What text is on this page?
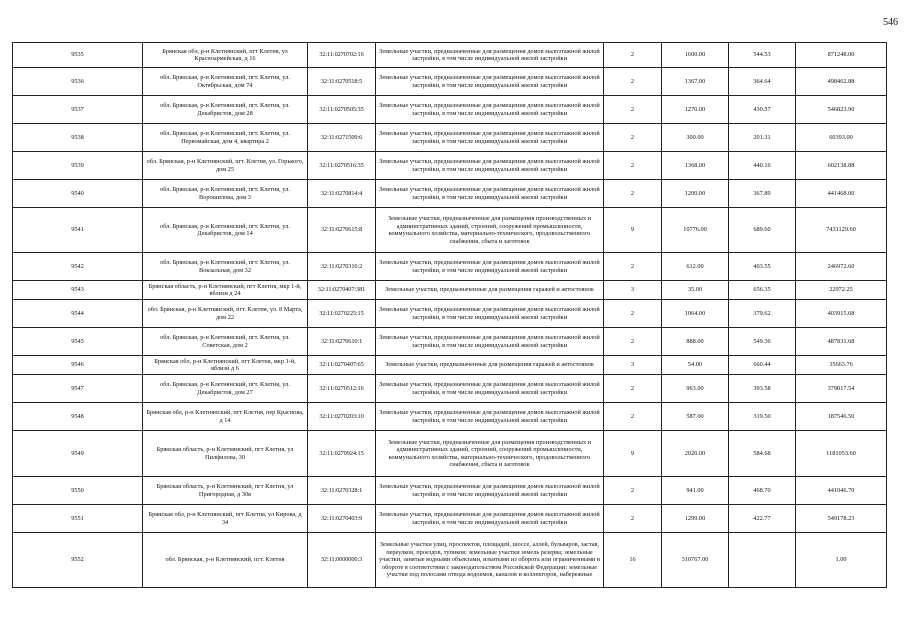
546
9535	Брянская обл, р-н Клетнянский, пгт Клетня, ул Красноармейская, д 16	32:11:0270702:16	Земельные участки, предназначенные для размещения домов малоэтажной жилой застройки, в том числе индивидуальной жилой застройки	2	1600.00	544.53	871248.00
9536	обл. Брянская, р-н Клетнянский, пгт. Клетня, ул. Октябрьская, дом 74	32:11:0270518:5	Земельные участки, предназначенные для размещения домов малоэтажной жилой застройки, в том числе индивидуальной жилой застройки	2	1367.00	364.64	498462.88
9537	обл. Брянская, р-н Клетнянский, пгт. Клетня, ул. Декабристов, дом 28	32:11:0270505:35	Земельные участки, предназначенные для размещения домов малоэтажной жилой застройки, в том числе индивидуальной жилой застройки	2	1270.00	430.57	546823.90
9538	обл. Брянская, р-н Клетнянский, пгт. Клетня, ул. Первомайская, дом 4, квартира 2	32:11:0271509:6	Земельные участки, предназначенные для размещения домов малоэтажной жилой застройки, в том числе индивидуальной жилой застройки	2	300.00	201.31	60393.00
9539	обл. Брянская, р-н Клетнянский, пгт. Клетня, ул. Горького, дом 25	32:11:0270516:35	Земельные участки, предназначенные для размещения домов малоэтажной жилой застройки, в том числе индивидуальной жилой застройки	2	1368.00	440.16	602138.88
9540	обл. Брянская, р-н Клетнянский, пгт. Клетня, ул. Ворошилова, дом 3	32:11:0270814:4	Земельные участки, предназначенные для размещения домов малоэтажной жилой застройки, в том числе индивидуальной жилой застройки	2	1200.00	367.89	441468.00
9541	обл. Брянская, р-н Клетнянский, пгт. Клетня, ул. Декабристов, дом 14	32:11:0270615:8	Земельные участки, предназначенные для размещения производственных и административных зданий, строений, сооружений промышленности, коммунального хозяйства, материально-технического, продовольственного снабжения, сбыта и заготовок	9	10776.00	689.60	7431129.60
9542	обл. Брянская, р-н Клетнянский, пгт. Клетня, ул. Вокзальная, дом 32	32:11:0270316:2	Земельные участки, предназначенные для размещения домов малоэтажной жилой застройки, в том числе индивидуальной жилой застройки	2	612.00	403.55	246972.60
9543	Брянская область, р-н Клетнянский, пгт Клетня, мкр 1-й, вблизи д 24	32:11:0270407:381	Земельные участки, предназначенные для размещения гаражей и автостоянок	3	35.00	656.35	22972.25
9544	обл. Брянская, р-н Клетнянский, пгт. Клетня, ул. 8 Марта, дом 22	32:11:0270225:15	Земельные участки, предназначенные для размещения домов малоэтажной жилой застройки, в том числе индивидуальной жилой застройки	2	1064.00	379.62	403915.68
9545	обл. Брянская, р-н Клетнянский, пгт. Клетня, ул. Советская, дом 2	32:11:0270610:1	Земельные участки, предназначенные для размещения домов малоэтажной жилой застройки, в том числе индивидуальной жилой застройки	2	888.00	549.36	487831.68
9546	Брянская обл, р-н Клетнянский, пгт Клетня, мкр 1-й, вблизи д 6	32:11:0270407:65	Земельные участки, предназначенные для размещения гаражей и автостоянок	3	54.00	660.44	35663.76
9547	обл. Брянская, р-н Клетнянский, пгт. Клетня, ул. Декабристов, дом 27	32:11:0270512:16	Земельные участки, предназначенные для размещения домов малоэтажной жилой застройки, в том числе индивидуальной жилой застройки	2	963.00	393.58	379017.54
9548	Брянская обл, р-н Клетнянский, пгт Клетня, пер Краснова, д 14	32:11:0270203:10	Земельные участки, предназначенные для размещения домов малоэтажной жилой застройки, в том числе индивидуальной жилой застройки	2	587.00	319.50	187546.50
9549	Брянская область, р-н Клетнянский, пгт Клетня, ул Пилфилова, 30	32:11:0270924:15	Земельные участки, предназначенные для размещения производственных и административных зданий, строений, сооружений промышленности, коммунального хозяйства, материально-технического, продовольственного снабжения, сбыта и заготовок	9	2020.00	584.68	1181053.60
9550	Брянская область, р-н Клетнянский, пгт Клетня, ул Пригородная, д 30в	32:11:0270328:1	Земельные участки, предназначенные для размещения домов малоэтажной жилой застройки, в том числе индивидуальной жилой застройки	2	941.00	468.70	441046.70
9551	Брянская обл, р-н Клетнянский, пгт Клетня, ул Кирова, д 34	32:11:0270403:9	Земельные участки, предназначенные для размещения домов малоэтажной жилой застройки, в том числе индивидуальной жилой застройки	2	1299.00	422.77	549178.23
9552	обл. Брянская, р-н Клетнянский, пгт. Клетня	32:11:0000000:3	Земельные участки улиц, проспектов, площадей, шоссе, аллей, бульваров, застав, переулков, проездов, тупиков; земельные участки земель резерва; земельные участки, занятые водными объектами, изъятыми из оборота или ограниченными в обороте в соответствии с законодательством Российской Федерации; земельные участки под полосами отвода водоемов, каналов и коллекторов, набережные	16	310767.00		1.00
